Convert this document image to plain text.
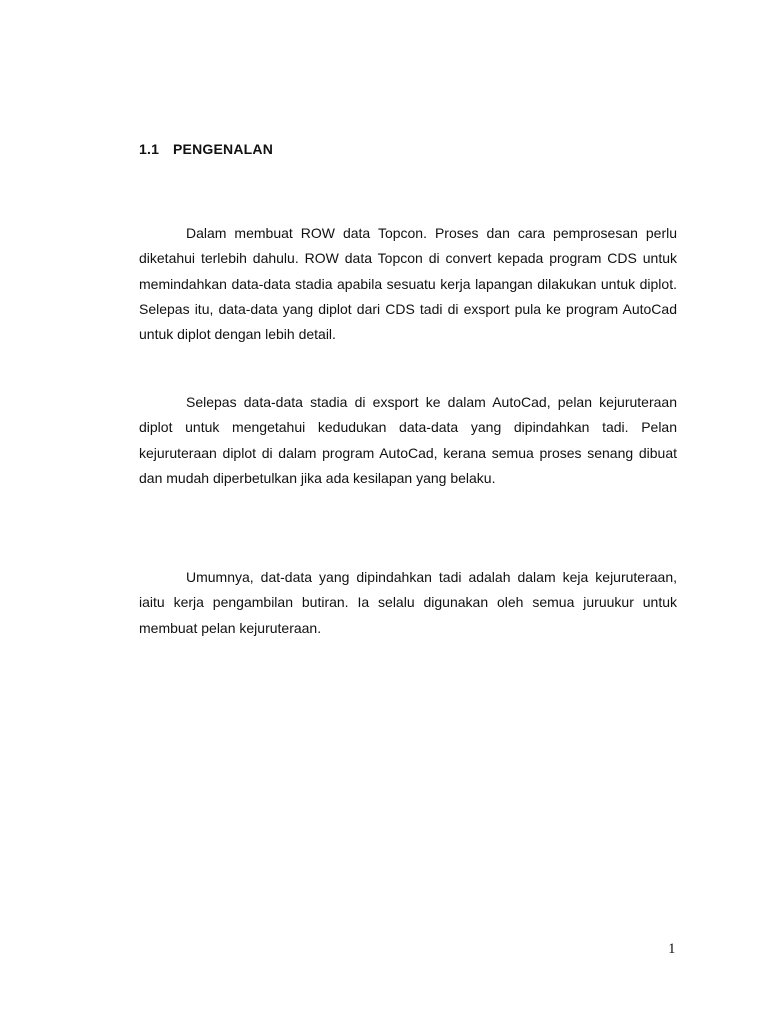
1.1 PENGENALAN

Dalam membuat ROW data Topcon. Proses dan cara pemprosesan perlu diketahui terlebih dahulu. ROW data Topcon di convert kepada program CDS untuk memindahkan data-data stadia apabila sesuatu kerja lapangan dilakukan untuk diplot. Selepas itu, data-data yang diplot dari CDS tadi di exsport pula ke program AutoCad untuk diplot dengan lebih detail.

Selepas data-data stadia di exsport ke dalam AutoCad, pelan kejuruteraan diplot untuk mengetahui kedudukan data-data yang dipindahkan tadi. Pelan kejuruteraan diplot di dalam program AutoCad, kerana semua proses senang dibuat dan mudah diperbetulkan jika ada kesilapan yang belaku.

Umumnya, dat-data yang dipindahkan tadi adalah dalam keja kejuruteraan, iaitu kerja pengambilan butiran. Ia selalu digunakan oleh semua juruukur untuk membuat pelan kejuruteraan.

1
